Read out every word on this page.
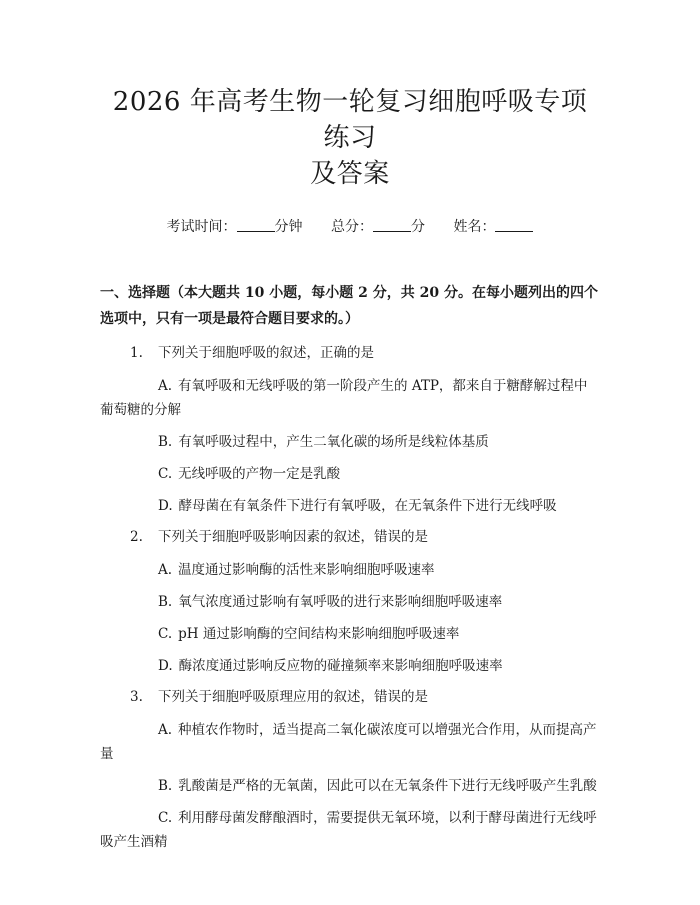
2026 年高考生物一轮复习细胞呼吸专项练习
及答案
考试时间：	分钟 总分：	分 姓名：
一、选择题（本大题共 10 小题，每小题 2 分，共 20 分。在每小题列出的四个选项中，只有一项是最符合题目要求的。）
1. 下列关于细胞呼吸的叙述，正确的是
A. 有氧呼吸和无线呼吸的第一阶段产生的 ATP，都来自于糖酵解过程中葡萄糖的分解
B. 有氧呼吸过程中，产生二氧化碳的场所是线粒体基质
C. 无线呼吸的产物一定是乳酸
D. 酵母菌在有氧条件下进行有氧呼吸，在无氧条件下进行无线呼吸
2. 下列关于细胞呼吸影响因素的叙述，错误的是
A. 温度通过影响酶的活性来影响细胞呼吸速率
B. 氧气浓度通过影响有氧呼吸的进行来影响细胞呼吸速率
C. pH 通过影响酶的空间结构来影响细胞呼吸速率
D. 酶浓度通过影响反应物的碰撞频率来影响细胞呼吸速率
3. 下列关于细胞呼吸原理应用的叙述，错误的是
A. 种植农作物时，适当提高二氧化碳浓度可以增强光合作用，从而提高产量
B. 乳酸菌是严格的无氧菌，因此可以在无氧条件下进行无线呼吸产生乳酸
C. 利用酵母菌发酵酿酒时，需要提供无氧环境，以利于酵母菌进行无线呼吸产生酒精
